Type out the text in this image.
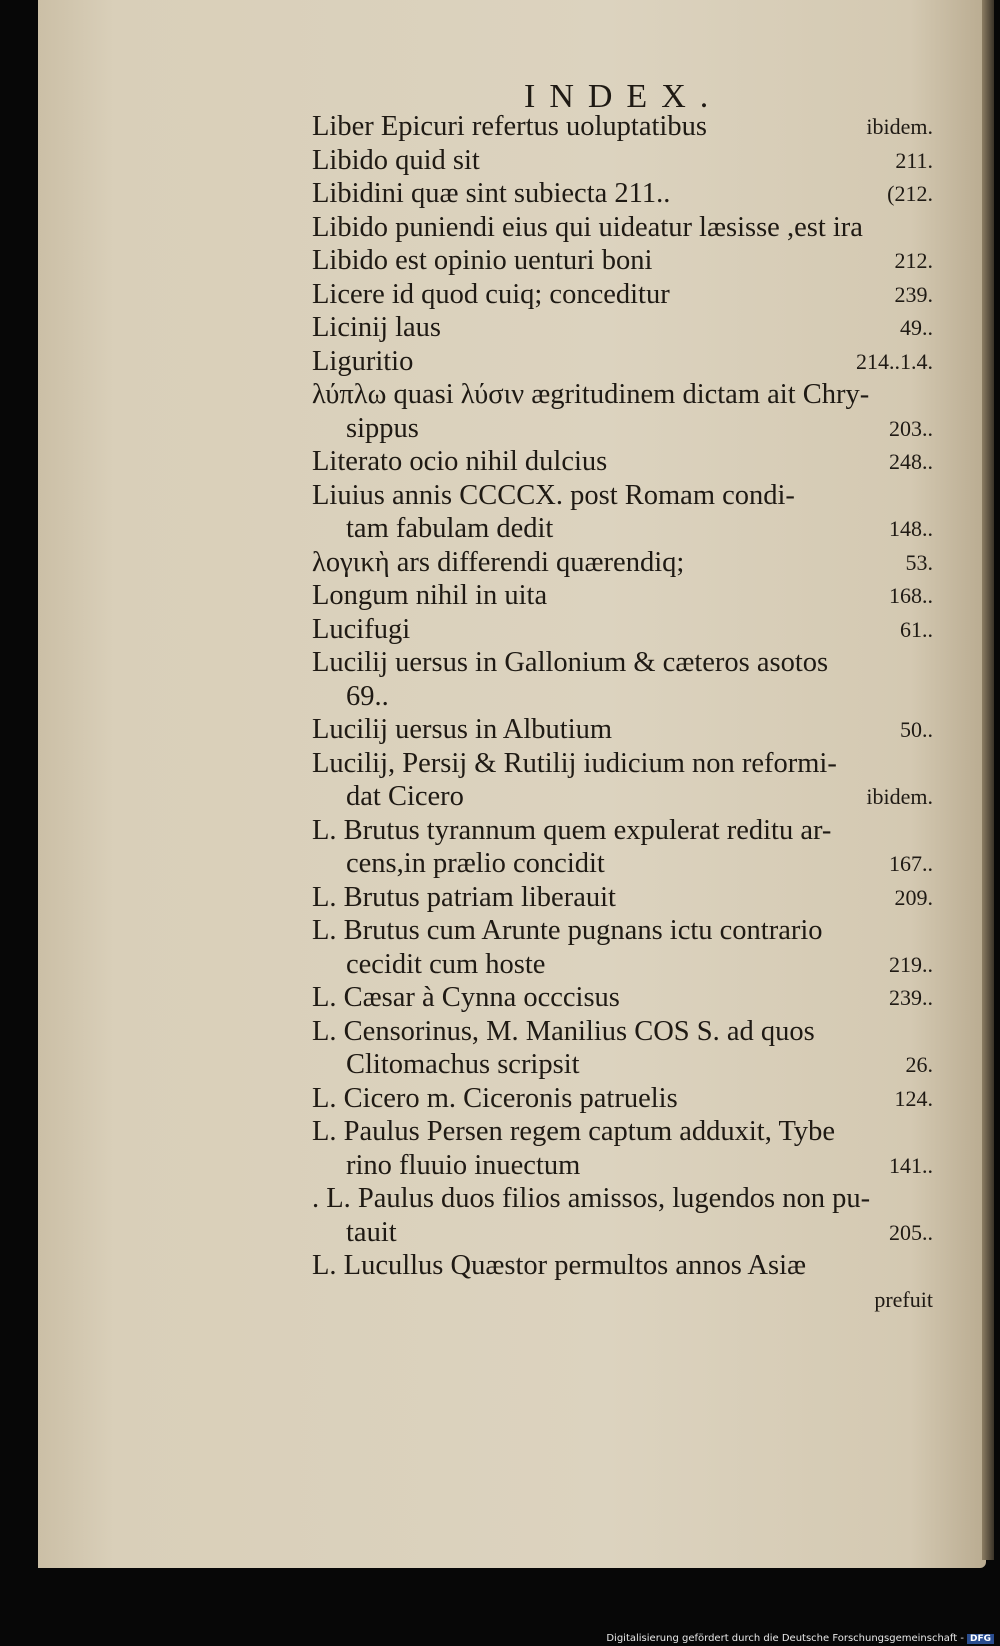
INDEX.
Liber Epicuri refertus uoluptatibus	ibidem.
Libido quid sit	211.
Libidini quæ sint subiecta 211..	(212.
Libido puniendi eius qui uideatur læsisse ,est ira
Libido est opinio uenturi boni	212.
Licere id quod cuiq; conceditur	239.
Licinij laus	49..
Liguritio	214..1.4.
λύπλω quasi λύσιν ægritudinem dictam ait Chry-
sippus	203..
Literato ocio nihil dulcius	248..
Liuius annis CCCCX. post Romam condi-
tam fabulam dedit	148..
λογικὴ ars differendi quærendiq;	53.
Longum nihil in uita	168..
Lucifugi	61..
Lucilij uersus in Gallonium & cæteros asotos
69..
Lucilij uersus in Albutium	50..
Lucilij, Persij & Rutilij iudicium non reformi-
dat Cicero	ibidem.
L. Brutus tyrannum quem expulerat reditu ar-
cens,in prælio concidit	167..
L. Brutus patriam liberauit	209.
L. Brutus cum Arunte pugnans ictu contrario
cecidit cum hoste	219..
L. Cæsar à Cynna occcisus	239..
L. Censorinus, M. Manilius COS S. ad quos
Clitomachus scripsit	26.
L. Cicero m. Ciceronis patruelis	124.
L. Paulus Persen regem captum adduxit, Tybe
rino fluuio inuectum	141..
. L. Paulus duos filios amissos, lugendos non pu-
tauit	205..
L. Lucullus Quæstor permultos annos Asiæ
prefuit
Digitalisierung gefördert durch die Deutsche Forschungsgemeinschaft - DFG
